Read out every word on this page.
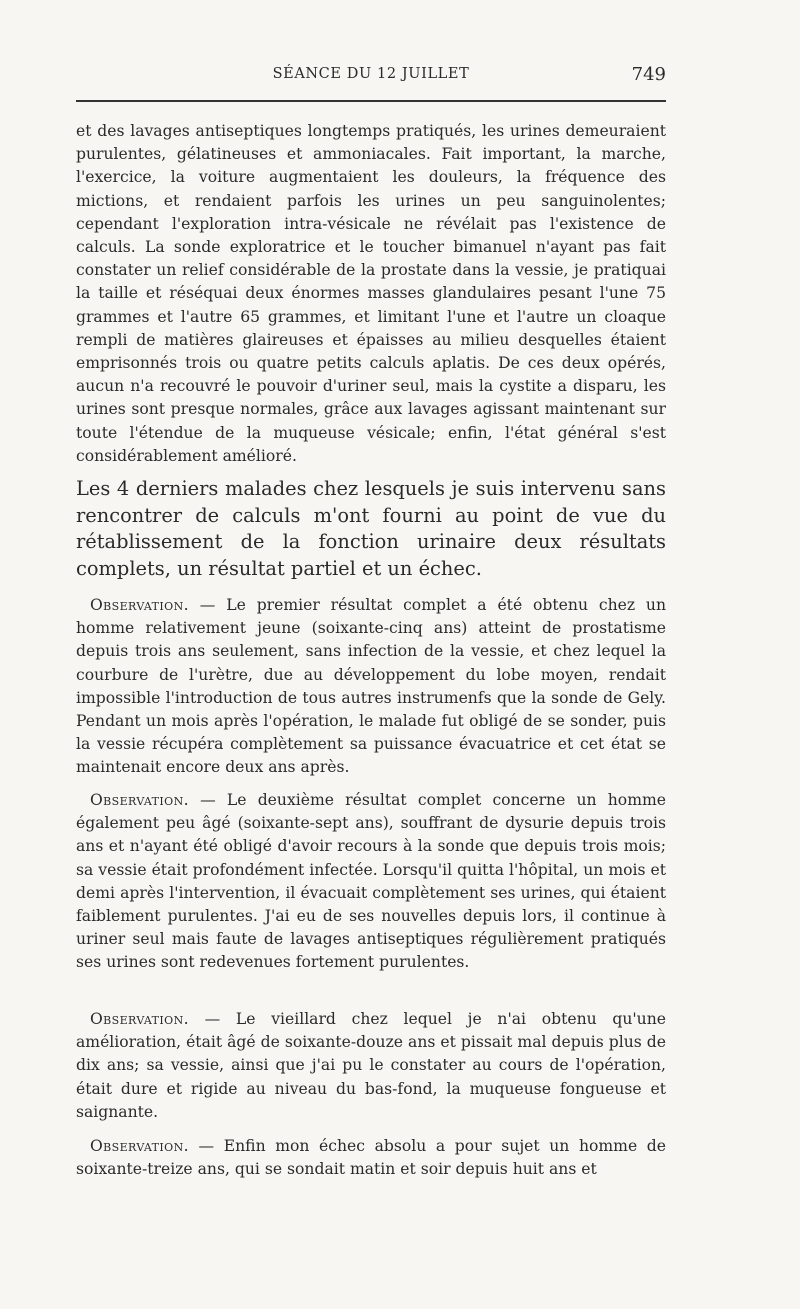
SÉANCE DU 12 JUILLET	749

et des lavages antiseptiques longtemps pratiqués, les urines demeuraient purulentes, gélatineuses et ammoniacales. Fait important, la marche, l'exercice, la voiture augmentaient les douleurs, la fréquence des mictions, et rendaient parfois les urines un peu sanguinolentes; cependant l'exploration intra-vésicale ne révélait pas l'existence de calculs. La sonde exploratrice et le toucher bimanuel n'ayant pas fait constater un relief considérable de la prostate dans la vessie, je pratiquai la taille et réséquai deux énormes masses glandulaires pesant l'une 75 grammes et l'autre 65 grammes, et limitant l'une et l'autre un cloaque rempli de matières glaireuses et épaisses au milieu desquelles étaient emprisonnés trois ou quatre petits calculs aplatis. De ces deux opérés, aucun n'a recouvré le pouvoir d'uriner seul, mais la cystite a disparu, les urines sont presque normales, grâce aux lavages agissant maintenant sur toute l'étendue de la muqueuse vésicale; enfin, l'état général s'est considérablement amélioré.

Les 4 derniers malades chez lesquels je suis intervenu sans rencontrer de calculs m'ont fourni au point de vue du rétablissement de la fonction urinaire deux résultats complets, un résultat partiel et un échec.

Observation. — Le premier résultat complet a été obtenu chez un homme relativement jeune (soixante-cinq ans) atteint de prostatisme depuis trois ans seulement, sans infection de la vessie, et chez lequel la courbure de l'urètre, due au développement du lobe moyen, rendait impossible l'introduction de tous autres instrumenfs que la sonde de Gely. Pendant un mois après l'opération, le malade fut obligé de se sonder, puis la vessie récupéra complètement sa puissance évacuatrice et cet état se maintenait encore deux ans après.

Observation. — Le deuxième résultat complet concerne un homme également peu âgé (soixante-sept ans), souffrant de dysurie depuis trois ans et n'ayant été obligé d'avoir recours à la sonde que depuis trois mois; sa vessie était profondément infectée. Lorsqu'il quitta l'hôpital, un mois et demi après l'intervention, il évacuait complètement ses urines, qui étaient faiblement purulentes. J'ai eu de ses nouvelles depuis lors, il continue à uriner seul mais faute de lavages antiseptiques régulièrement pratiqués ses urines sont redevenues fortement purulentes.

Observation. — Le vieillard chez lequel je n'ai obtenu qu'une amélioration, était âgé de soixante-douze ans et pissait mal depuis plus de dix ans; sa vessie, ainsi que j'ai pu le constater au cours de l'opération, était dure et rigide au niveau du bas-fond, la muqueuse fongueuse et saignante.

Observation. — Enfin mon échec absolu a pour sujet un homme de soixante-treize ans, qui se sondait matin et soir depuis huit ans et
